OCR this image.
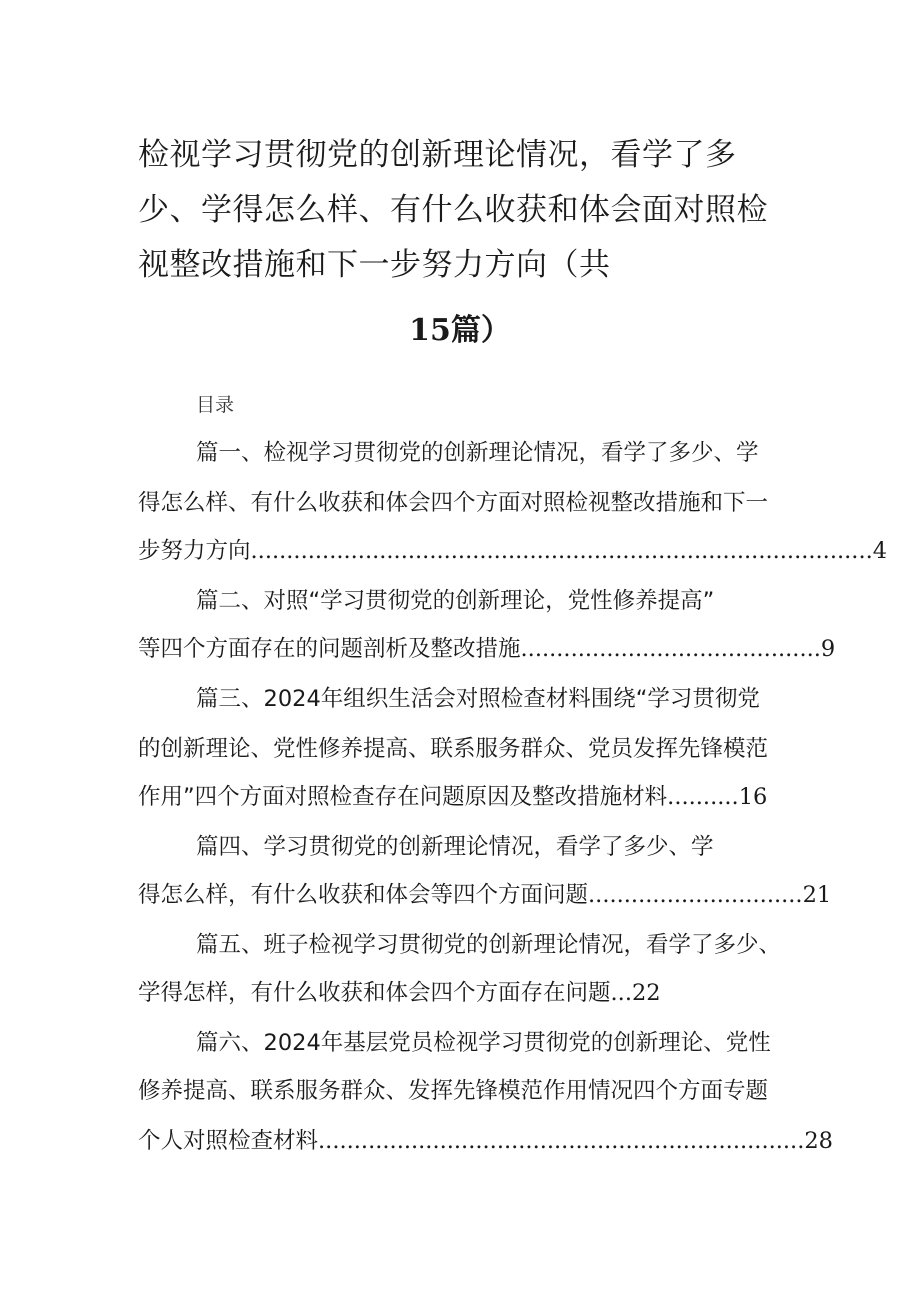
检视学习贯彻党的创新理论情况，看学了多少、学得怎么样、有什么收获和体会面对照检视整改措施和下一步努力方向（共
15篇）
目录
篇一、检视学习贯彻党的创新理论情况，看学了多少、学
得怎么样、有什么收获和体会四个方面对照检视整改措施和下一
步努力方向.......................................................................................4
篇二、对照“学习贯彻党的创新理论，党性修养提高”
等四个方面存在的问题剖析及整改措施..........................................9
篇三、2024年组织生活会对照检查材料围绕“学习贯彻党
的创新理论、党性修养提高、联系服务群众、党员发挥先锋模范
作用”四个方面对照检查存在问题原因及整改措施材料..........16
篇四、学习贯彻党的创新理论情况，看学了多少、学
得怎么样，有什么收获和体会等四个方面问题..............................21
篇五、班子检视学习贯彻党的创新理论情况，看学了多少、
学得怎样，有什么收获和体会四个方面存在问题...22
篇六、2024年基层党员检视学习贯彻党的创新理论、党性
修养提高、联系服务群众、发挥先锋模范作用情况四个方面专题
个人对照检查材料....................................................................28
